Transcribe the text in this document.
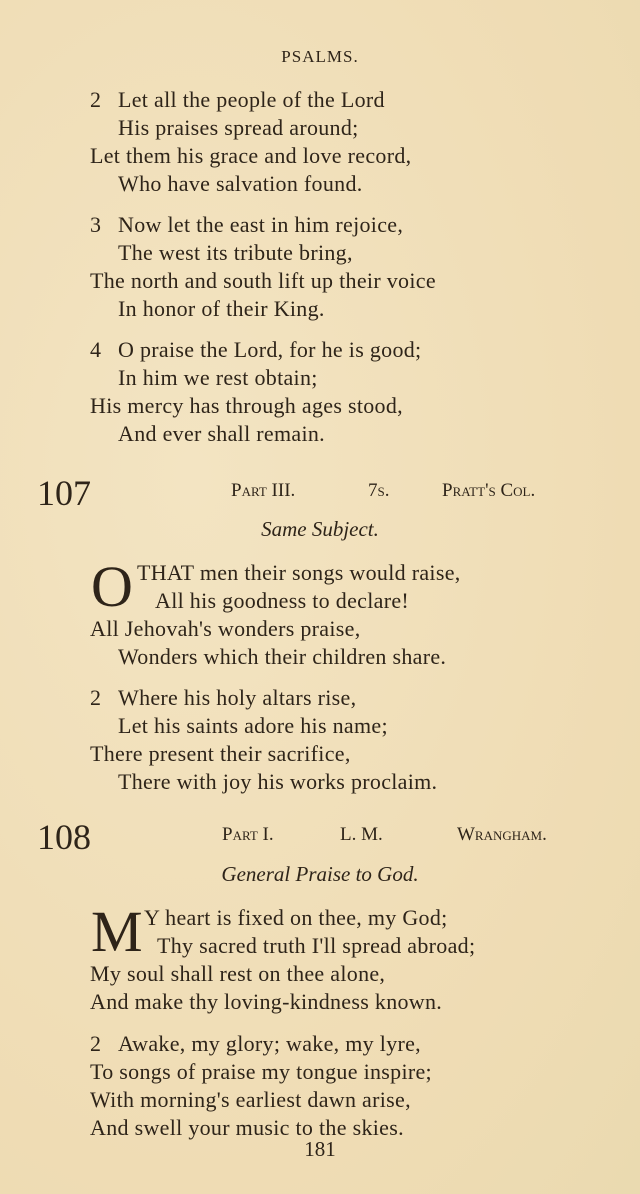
PSALMS.
2 Let all the people of the Lord
His praises spread around;
Let them his grace and love record,
Who have salvation found.
3 Now let the east in him rejoice,
The west its tribute bring,
The north and south lift up their voice
In honor of their King.
4 O praise the Lord, for he is good;
In him we rest obtain;
His mercy has through ages stood,
And ever shall remain.
107	Part III.	7s.	Pratt's Col.
Same Subject.
O THAT men their songs would raise,
All his goodness to declare!
All Jehovah's wonders praise,
Wonders which their children share.
2 Where his holy altars rise,
Let his saints adore his name;
There present their sacrifice,
There with joy his works proclaim.
108	Part I.	L. M.	Wrangham.
General Praise to God.
M Y heart is fixed on thee, my God;
Thy sacred truth I'll spread abroad;
My soul shall rest on thee alone,
And make thy loving-kindness known.
2 Awake, my glory; wake, my lyre,
To songs of praise my tongue inspire;
With morning's earliest dawn arise,
And swell your music to the skies.
181
